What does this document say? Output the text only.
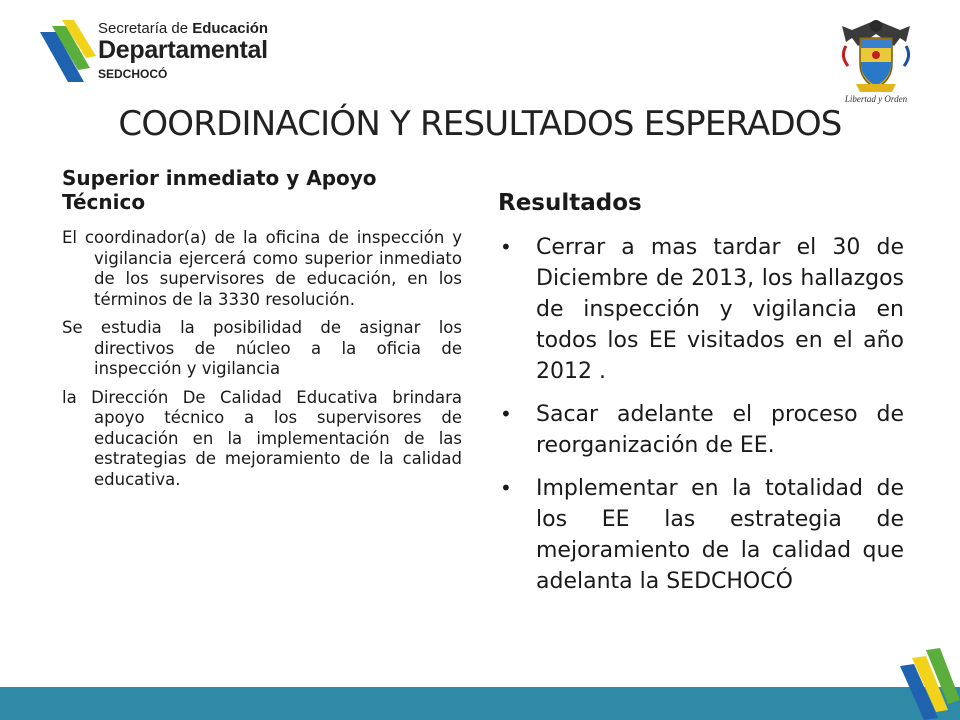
Secretaría de Educación
Departamental
SEDCHOCÓ
Libertad y Orden
COORDINACIÓN Y RESULTADOS ESPERADOS
Superior inmediato y Apoyo Técnico

El coordinador(a) de la oficina de inspección y vigilancia ejercerá como superior inmediato de los supervisores de educación, en los términos de la 3330 resolución.

Se estudia la posibilidad de asignar los directivos de núcleo a la oficia de inspección y vigilancia

la Dirección De Calidad Educativa brindara apoyo técnico a los supervisores de educación en la implementación de las estrategias de mejoramiento de la calidad educativa.

Resultados
• Cerrar a mas tardar el 30 de Diciembre de 2013, los hallazgos de inspección y vigilancia en todos los EE visitados en el año 2012 .
• Sacar adelante el proceso de reorganización de EE.
• Implementar en la totalidad de los EE las estrategia de mejoramiento de la calidad que adelanta la SEDCHOCÓ
